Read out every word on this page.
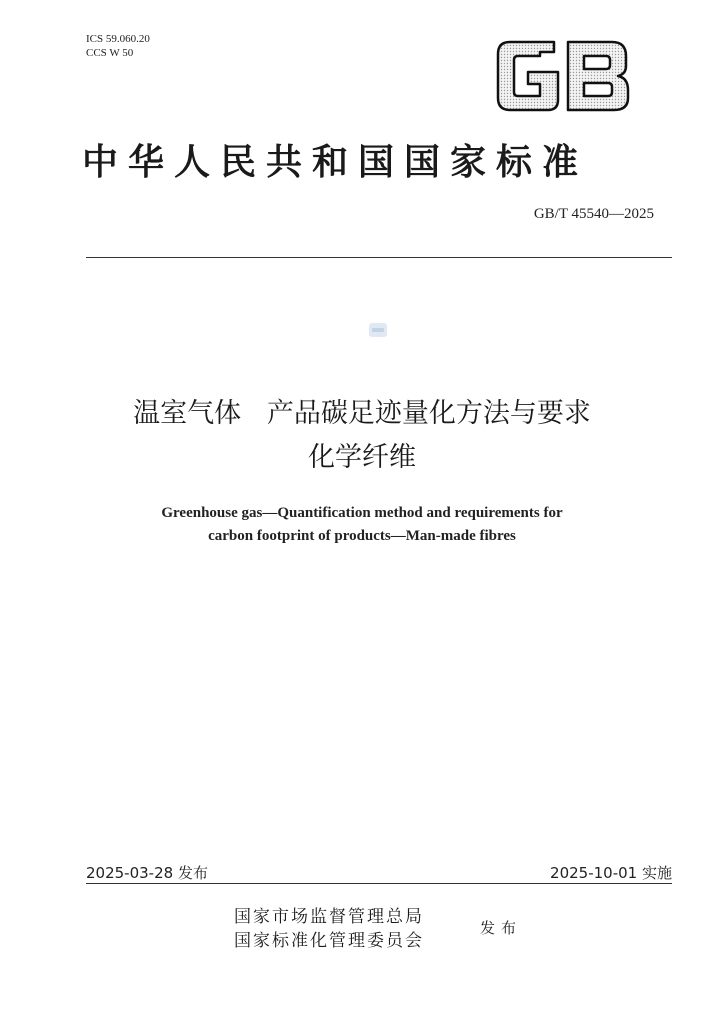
ICS 59.060.20
CCS W 50
中华人民共和国国家标准
GB/T 45540—2025
温室气体   产品碳足迹量化方法与要求
化学纤维
Greenhouse gas—Quantification method and requirements for
carbon footprint of products—Man-made fibres
2025-03-28 发布	2025-10-01 实施
国家市场监督管理总局
国家标准化管理委员会
发布
